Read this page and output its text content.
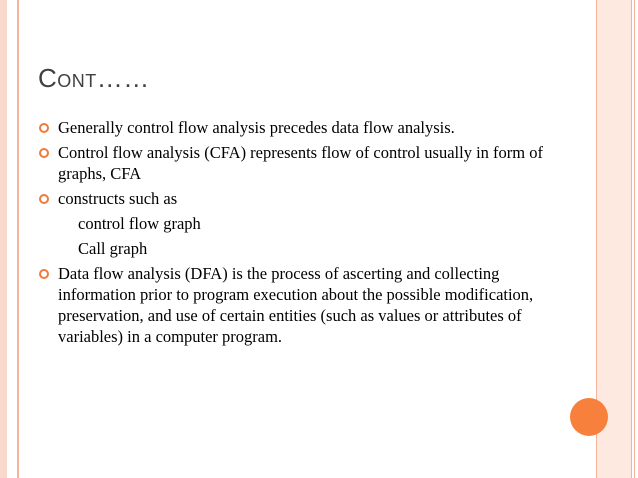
Cont……
Generally control flow analysis precedes data flow analysis.
Control flow analysis (CFA) represents flow of control usually in form of graphs, CFA
constructs such as
control flow graph
Call graph
Data flow analysis (DFA) is the process of ascerting and collecting information prior to program execution about the possible modification, preservation, and use of certain entities (such as values or attributes of variables) in a computer program.
